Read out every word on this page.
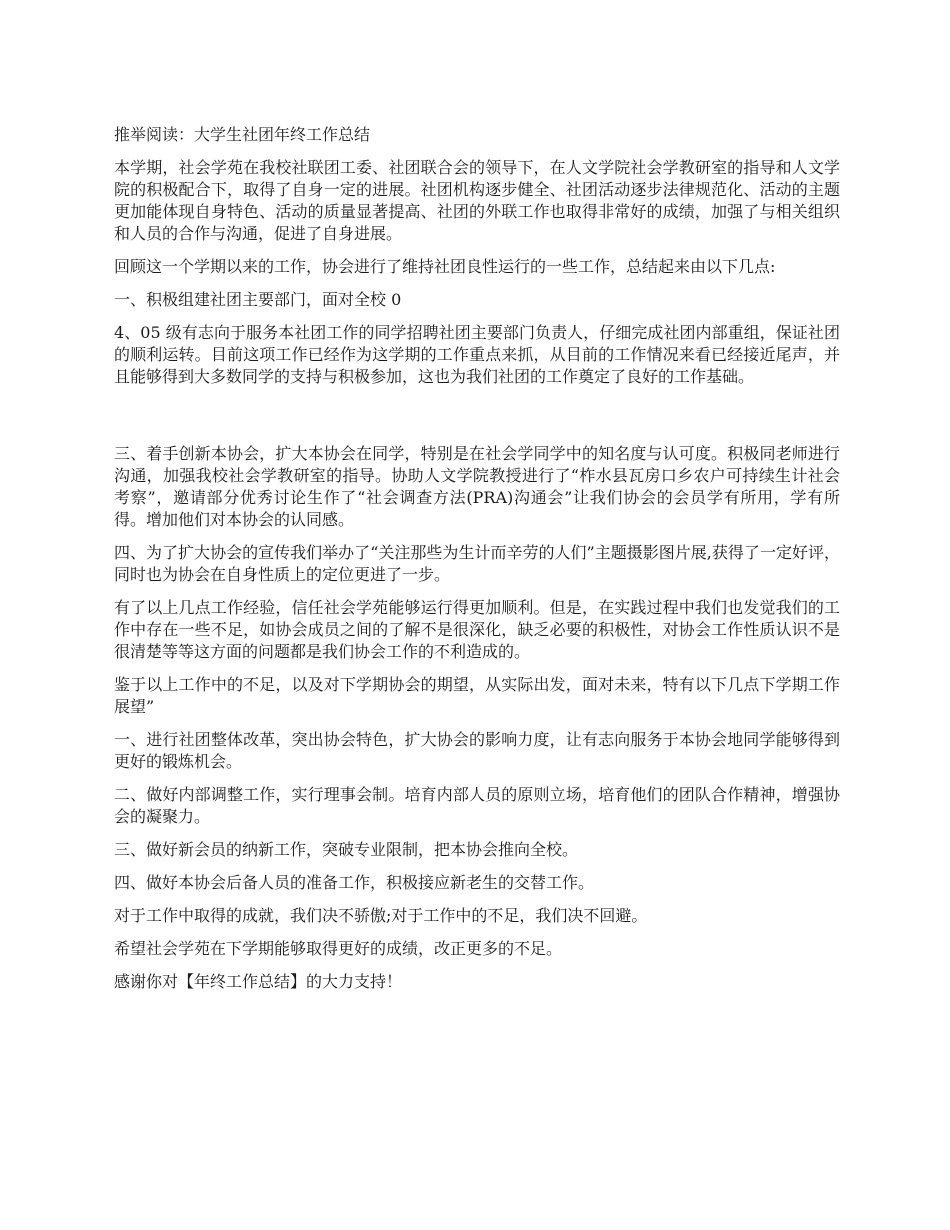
推举阅读：大学生社团年终工作总结

本学期，社会学苑在我校社联团工委、社团联合会的领导下，在人文学院社会学教研室的指导和人文学院的积极配合下，取得了自身一定的进展。社团机构逐步健全、社团活动逐步法律规范化、活动的主题更加能体现自身特色、活动的质量显著提高、社团的外联工作也取得非常好的成绩，加强了与相关组织和人员的合作与沟通，促进了自身进展。

回顾这一个学期以来的工作，协会进行了维持社团良性运行的一些工作，总结起来由以下几点:

一、积极组建社团主要部门，面对全校 0

4、05 级有志向于服务本社团工作的同学招聘社团主要部门负责人，仔细完成社团内部重组，保证社团的顺利运转。目前这项工作已经作为这学期的工作重点来抓，从目前的工作情况来看已经接近尾声，并且能够得到大多数同学的支持与积极参加，这也为我们社团的工作奠定了良好的工作基础。

三、着手创新本协会，扩大本协会在同学，特别是在社会学同学中的知名度与认可度。积极同老师进行沟通，加强我校社会学教研室的指导。协助人文学院教授进行了“柞水县瓦房口乡农户可持续生计社会考察”，邀请部分优秀讨论生作了“社会调查方法(PRA)沟通会”让我们协会的会员学有所用，学有所得。增加他们对本协会的认同感。

四、为了扩大协会的宣传我们举办了“关注那些为生计而辛劳的人们”主题摄影图片展,获得了一定好评，同时也为协会在自身性质上的定位更进了一步。

有了以上几点工作经验，信任社会学苑能够运行得更加顺利。但是，在实践过程中我们也发觉我们的工作中存在一些不足，如协会成员之间的了解不是很深化，缺乏必要的积极性，对协会工作性质认识不是很清楚等等这方面的问题都是我们协会工作的不利造成的。

鉴于以上工作中的不足，以及对下学期协会的期望，从实际出发，面对未来，特有以下几点下学期工作展望”

一、进行社团整体改革，突出协会特色，扩大协会的影响力度，让有志向服务于本协会地同学能够得到更好的锻炼机会。

二、做好内部调整工作，实行理事会制。培育内部人员的原则立场，培育他们的团队合作精神，增强协会的凝聚力。

三、做好新会员的纳新工作，突破专业限制，把本协会推向全校。

四、做好本协会后备人员的准备工作，积极接应新老生的交替工作。

对于工作中取得的成就，我们决不骄傲;对于工作中的不足，我们决不回避。

希望社会学苑在下学期能够取得更好的成绩，改正更多的不足。

感谢你对【年终工作总结】的大力支持！
